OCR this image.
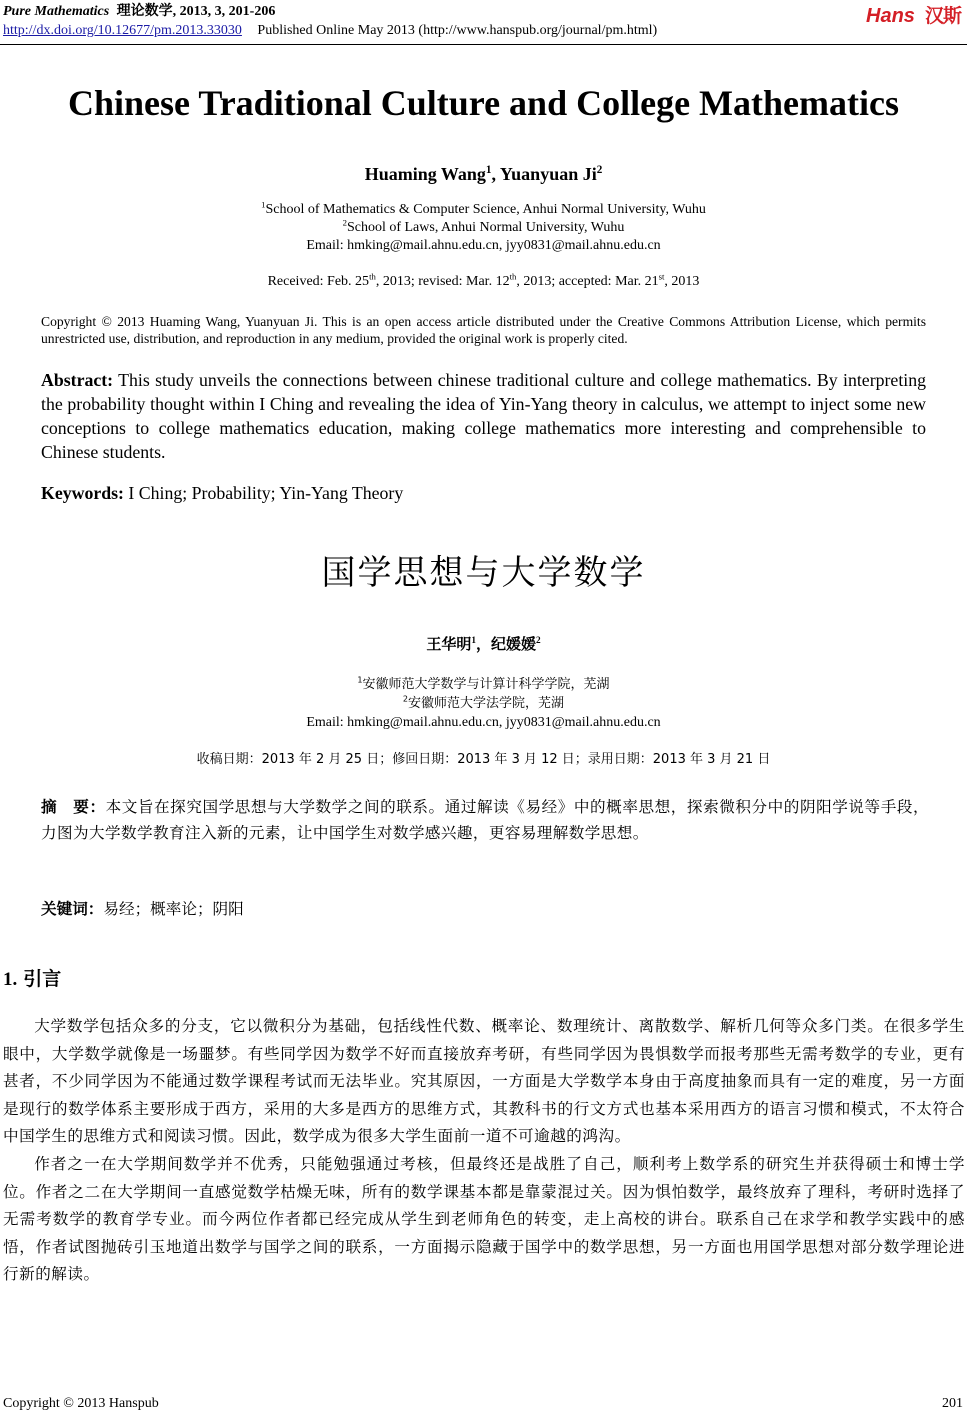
Pure Mathematics 理论数学, 2013, 3, 201-206
http://dx.doi.org/10.12677/pm.2013.33030 Published Online May 2013 (http://www.hanspub.org/journal/pm.html)
Hans 汉斯
Chinese Traditional Culture and College Mathematics
Huaming Wang$^1$, Yuanyuan Ji$^2$
$^1$School of Mathematics & Computer Science, Anhui Normal University, Wuhu
$^2$School of Laws, Anhui Normal University, Wuhu
Email: hmking@mail.ahnu.edu.cn, jyy0831@mail.ahnu.edu.cn
Received: Feb. 25th, 2013; revised: Mar. 12th, 2013; accepted: Mar. 21st, 2013
Copyright © 2013 Huaming Wang, Yuanyuan Ji. This is an open access article distributed under the Creative Commons Attribution License, which permits unrestricted use, distribution, and reproduction in any medium, provided the original work is properly cited.
Abstract: This study unveils the connections between chinese traditional culture and college mathematics. By interpreting the probability thought within I Ching and revealing the idea of Yin-Yang theory in calculus, we attempt to inject some new conceptions to college mathematics education, making college mathematics more interesting and comprehensible to Chinese students.
Keywords: I Ching; Probability; Yin-Yang Theory
国学思想与大学数学
王华明$^1$，纪媛媛$^2$
$^1$安徽师范大学数学与计算计科学学院，芜湖
$^2$安徽师范大学法学院，芜湖
Email: hmking@mail.ahnu.edu.cn, jyy0831@mail.ahnu.edu.cn
收稿日期：2013 年 2 月 25 日；修回日期：2013 年 3 月 12 日；录用日期：2013 年 3 月 21 日
摘　要：本文旨在探究国学思想与大学数学之间的联系。通过解读《易经》中的概率思想，探索微积分中的阴阳学说等手段，力图为大学数学教育注入新的元素，让中国学生对数学感兴趣，更容易理解数学思想。
关键词：易经；概率论；阴阳
1. 引言

大学数学包括众多的分支，它以微积分为基础，包括线性代数、概率论、数理统计、离散数学、解析几何等众多门类。在很多学生眼中，大学数学就像是一场噩梦。有些同学因为数学不好而直接放弃考研，有些同学因为畏惧数学而报考那些无需考数学的专业，更有甚者，不少同学因为不能通过数学课程考试而无法毕业。究其原因，一方面是大学数学本身由于高度抽象而具有一定的难度，另一方面是现行的数学体系主要形成于西方，采用的大多是西方的思维方式，其教科书的行文方式也基本采用西方的语言习惯和模式，不太符合中国学生的思维方式和阅读习惯。因此，数学成为很多大学生面前一道不可逾越的鸿沟。

作者之一在大学期间数学并不优秀，只能勉强通过考核，但最终还是战胜了自己，顺利考上数学系的研究生并获得硕士和博士学位。作者之二在大学期间一直感觉数学枯燥无味，所有的数学课基本都是靠蒙混过关。因为惧怕数学，最终放弃了理科，考研时选择了无需考数学的教育学专业。而今两位作者都已经完成从学生到老师角色的转变，走上高校的讲台。联系自己在求学和教学实践中的感悟，作者试图抛砖引玉地道出数学与国学之间的联系，一方面揭示隐藏于国学中的数学思想，另一方面也用国学思想对部分数学理论进行新的解读。

Copyright © 2013 Hanspub	201
